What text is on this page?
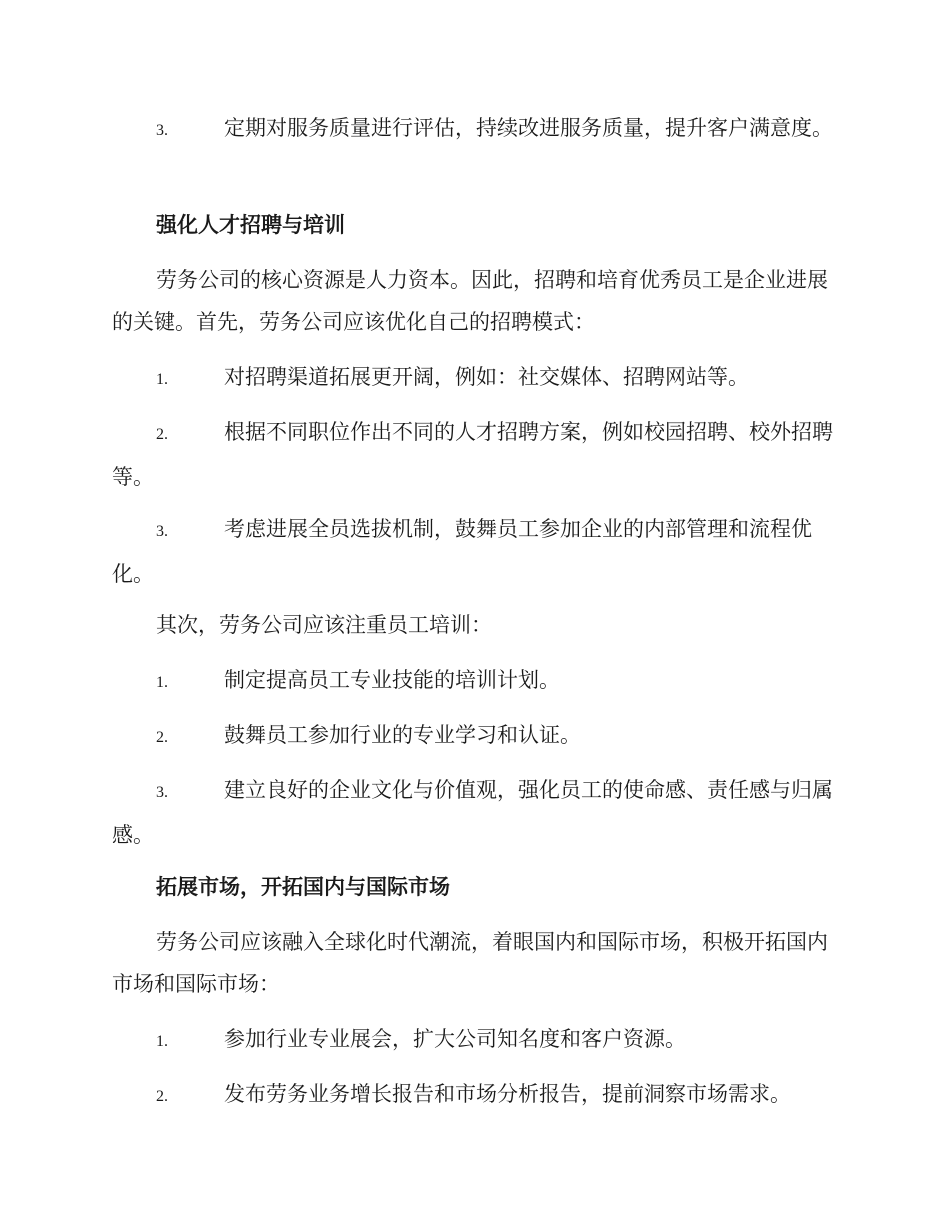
3.	定期对服务质量进行评估，持续改进服务质量，提升客户满意度。
强化人才招聘与培训
劳务公司的核心资源是人力资本。因此，招聘和培育优秀员工是企业进展的关键。首先，劳务公司应该优化自己的招聘模式：
1.	对招聘渠道拓展更开阔，例如：社交媒体、招聘网站等。
2.	根据不同职位作出不同的人才招聘方案，例如校园招聘、校外招聘等。
3.	考虑进展全员选拔机制，鼓舞员工参加企业的内部管理和流程优化。
其次，劳务公司应该注重员工培训：
1.	制定提高员工专业技能的培训计划。
2.	鼓舞员工参加行业的专业学习和认证。
3.	建立良好的企业文化与价值观，强化员工的使命感、责任感与归属感。
拓展市场，开拓国内与国际市场
劳务公司应该融入全球化时代潮流，着眼国内和国际市场，积极开拓国内市场和国际市场：
1.	参加行业专业展会，扩大公司知名度和客户资源。
2.	发布劳务业务增长报告和市场分析报告，提前洞察市场需求。
